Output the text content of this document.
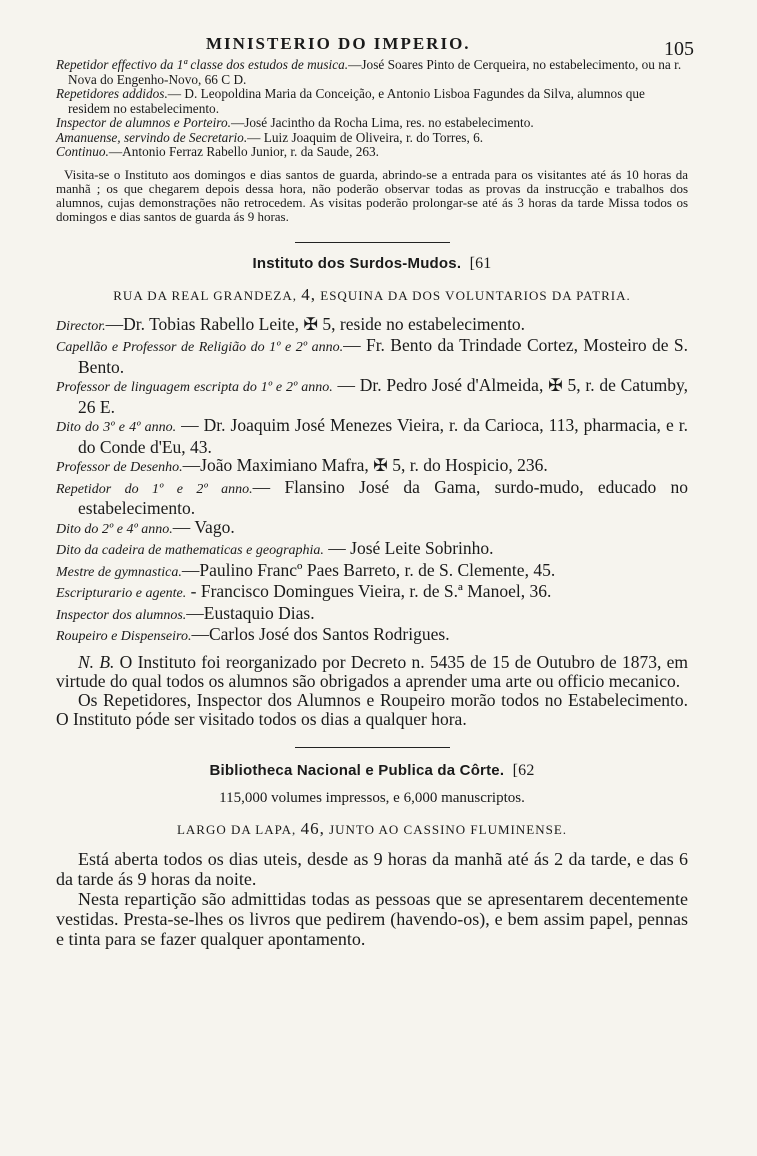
MINISTERIO DO IMPERIO.	105

Repetidor effectivo da 1ª classe dos estudos de musica.—José Soares Pinto de Cerqueira, no estabelecimento, ou na r. Nova do Engenho-Novo, 66 C D.

Repetidores addidos.— D. Leopoldina Maria da Conceição, e Antonio Lisboa Fagundes da Silva, alumnos que residem no estabelecimento.

Inspector de alumnos e Porteiro.—José Jacintho da Rocha Lima, res. no estabelecimento.

Amanuense, servindo de Secretario.— Luiz Joaquim de Oliveira, r. do Torres, 6.

Continuo.—Antonio Ferraz Rabello Junior, r. da Saude, 263.

Visita-se o Instituto aos domingos e dias santos de guarda, abrindo-se a entrada para os visitantes até ás 10 horas da manhã ; os que chegarem depois dessa hora, não poderão observar todas as provas da instrucção e trabalhos dos alumnos, cujas demonstrações não retrocedem. As visitas poderão prolongar-se até ás 3 horas da tarde Missa todos os domingos e dias santos de guarda ás 9 horas.

Instituto dos Surdos-Mudos. [61
RUA DA REAL GRANDEZA, 4, ESQUINA DA DOS VOLUNTARIOS DA PATRIA.

Director.—Dr. Tobias Rabello Leite, ✠ 5, reside no estabelecimento.

Capellão e Professor de Religião do 1º e 2º anno.— Fr. Bento da Trindade Cortez, Mosteiro de S. Bento.

Professor de linguagem escripta do 1º e 2º anno. — Dr. Pedro José d'Almeida, ✠ 5, r. de Catumby, 26 E.

Dito do 3º e 4º anno. — Dr. Joaquim José Menezes Vieira, r. da Carioca, 113, pharmacia, e r. do Conde d'Eu, 43.

Professor de Desenho.—João Maximiano Mafra, ✠ 5, r. do Hospicio, 236.

Repetidor do 1º e 2º anno.— Flansino José da Gama, surdo-mudo, educado no estabelecimento.

Dito do 2º e 4º anno.— Vago.

Dito da cadeira de mathematicas e geographia. — José Leite Sobrinho.

Mestre de gymnastica.—Paulino Francº Paes Barreto, r. de S. Clemente, 45.

Escripturario e agente. - Francisco Domingues Vieira, r. de S.ª Manoel, 36.

Inspector dos alumnos.—Eustaquio Dias.

Roupeiro e Dispenseiro.—Carlos José dos Santos Rodrigues.

N. B. O Instituto foi reorganizado por Decreto n. 5435 de 15 de Outubro de 1873, em virtude do qual todos os alumnos são obrigados a aprender uma arte ou officio mecanico.

Os Repetidores, Inspector dos Alumnos e Roupeiro morão todos no Estabelecimento. O Instituto póde ser visitado todos os dias a qualquer hora.

Bibliotheca Nacional e Publica da Côrte. [62
115,000 volumes impressos, e 6,000 manuscriptos.
LARGO DA LAPA, 46, JUNTO AO CASSINO FLUMINENSE.

Está aberta todos os dias uteis, desde as 9 horas da manhã até ás 2 da tarde, e das 6 da tarde ás 9 horas da noite.

Nesta repartição são admittidas todas as pessoas que se apresentarem decentemente vestidas. Presta-se-lhes os livros que pedirem (havendo-os), e bem assim papel, pennas e tinta para se fazer qualquer apontamento.
